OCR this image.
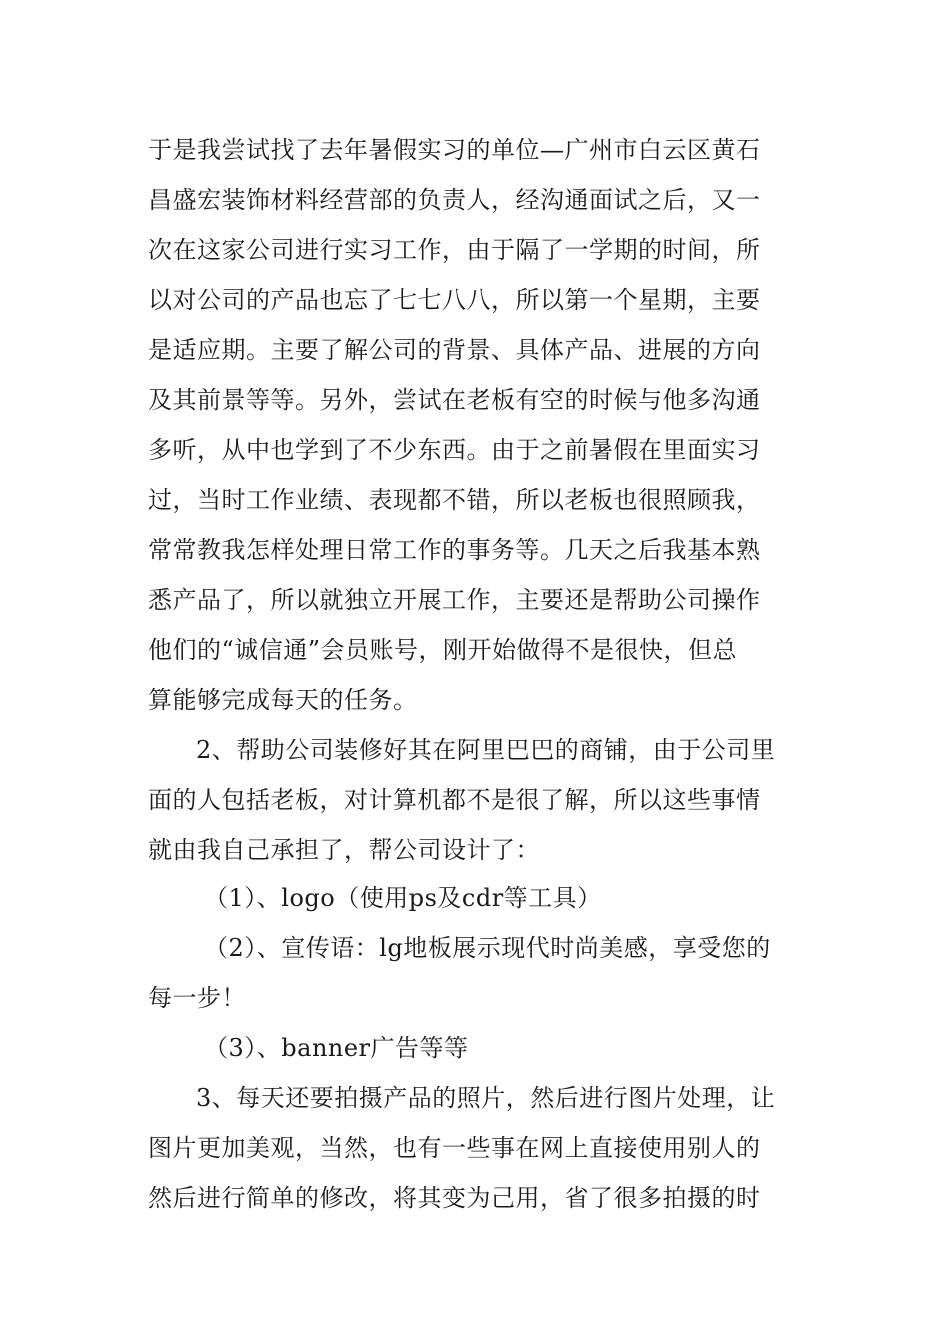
于是我尝试找了去年暑假实习的单位—广州市白云区黄石
昌盛宏装饰材料经营部的负责人，经沟通面试之后，又一
次在这家公司进行实习工作，由于隔了一学期的时间，所
以对公司的产品也忘了七七八八，所以第一个星期，主要
是适应期。主要了解公司的背景、具体产品、进展的方向
及其前景等等。另外，尝试在老板有空的时候与他多沟通
多听，从中也学到了不少东西。由于之前暑假在里面实习
过，当时工作业绩、表现都不错，所以老板也很照顾我，
常常教我怎样处理日常工作的事务等。几天之后我基本熟
悉产品了，所以就独立开展工作，主要还是帮助公司操作
他们的“诚信通”会员账号，刚开始做得不是很快，但总
算能够完成每天的任务。
2、帮助公司装修好其在阿里巴巴的商铺，由于公司里
面的人包括老板，对计算机都不是很了解，所以这些事情
就由我自己承担了，帮公司设计了：
（1）、logo（使用ps及cdr等工具）
（2）、宣传语：lg地板展示现代时尚美感，享受您的
每一步！
（3）、banner广告等等
3、每天还要拍摄产品的照片，然后进行图片处理，让
图片更加美观，当然，也有一些事在网上直接使用别人的
然后进行简单的修改，将其变为己用，省了很多拍摄的时
